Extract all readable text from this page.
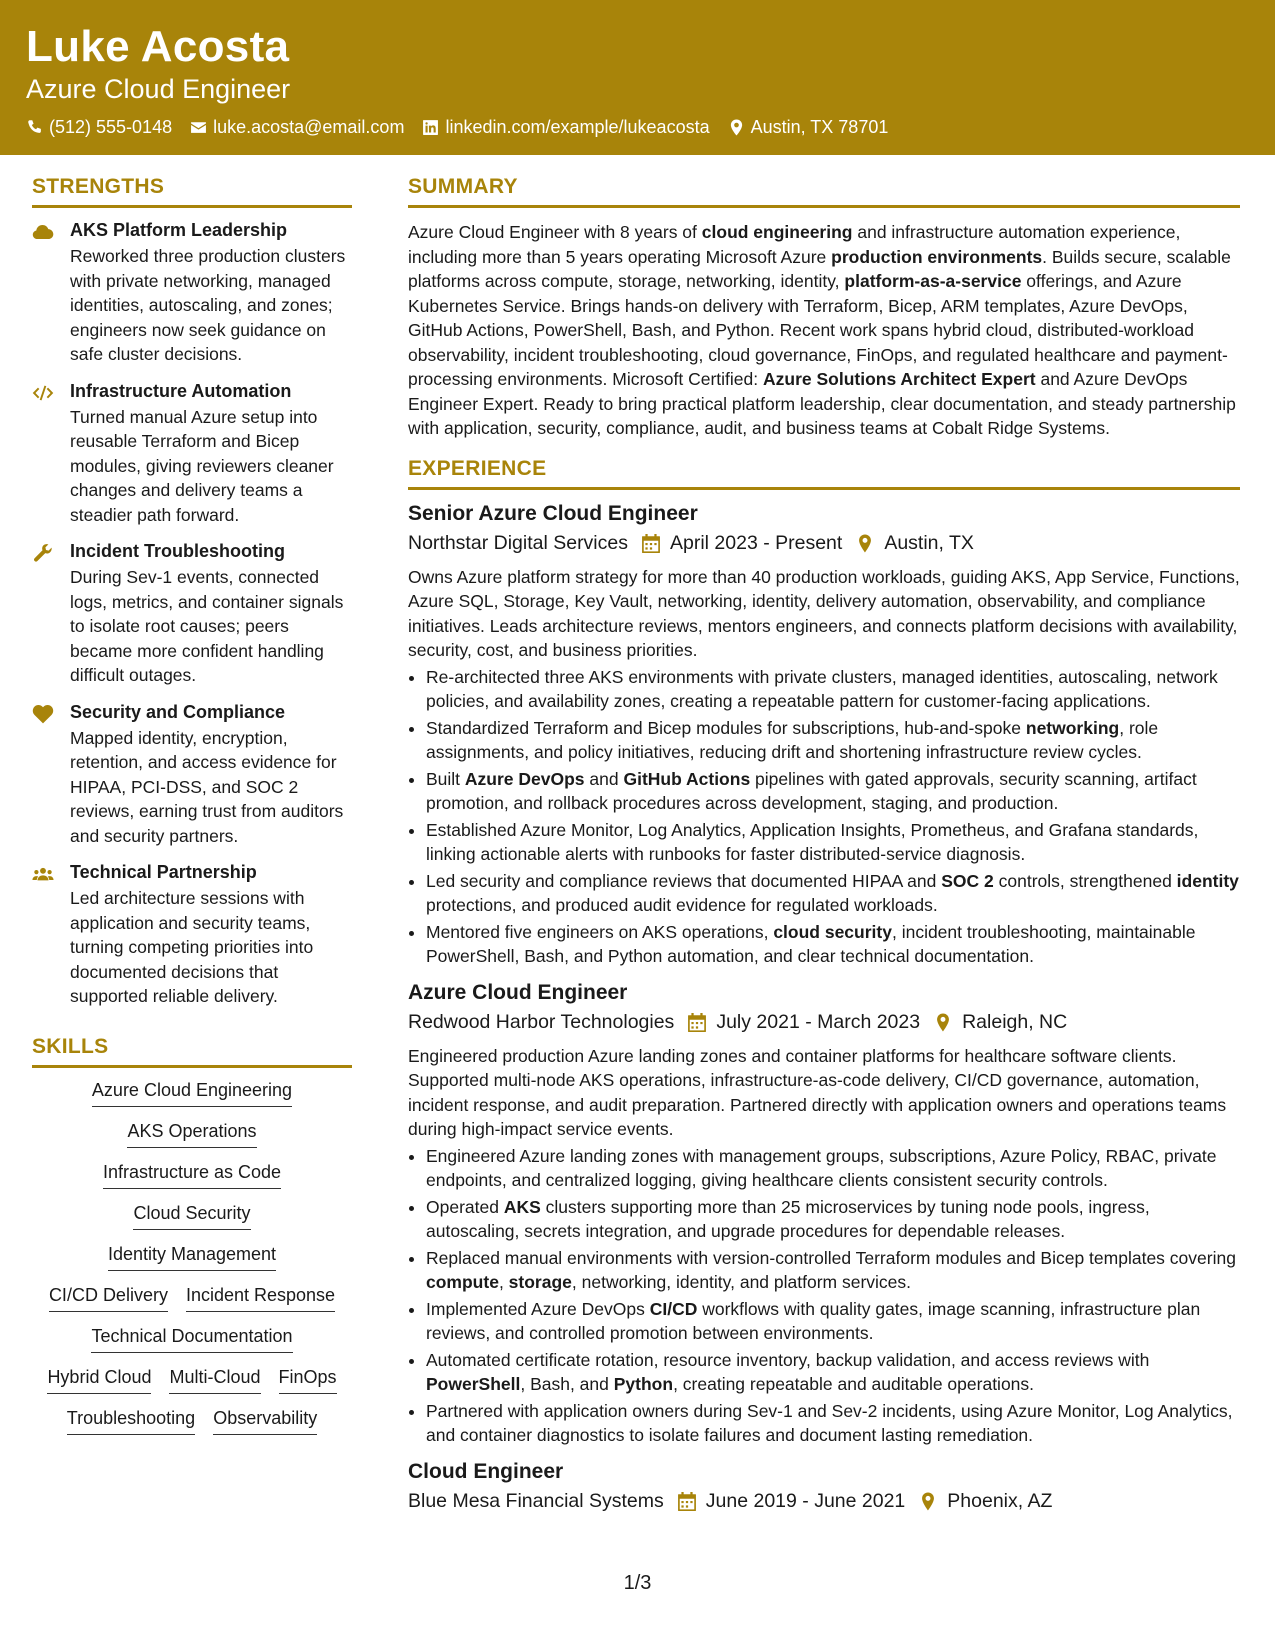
Luke Acosta
Azure Cloud Engineer
(512) 555-0148 luke.acosta@email.com linkedin.com/example/lukeacosta Austin, TX 78701
STRENGTHS
AKS Platform Leadership
Reworked three production clusters with private networking, managed identities, autoscaling, and zones; engineers now seek guidance on safe cluster decisions.
Infrastructure Automation
Turned manual Azure setup into reusable Terraform and Bicep modules, giving reviewers cleaner changes and delivery teams a steadier path forward.
Incident Troubleshooting
During Sev-1 events, connected logs, metrics, and container signals to isolate root causes; peers became more confident handling difficult outages.
Security and Compliance
Mapped identity, encryption, retention, and access evidence for HIPAA, PCI-DSS, and SOC 2 reviews, earning trust from auditors and security partners.
Technical Partnership
Led architecture sessions with application and security teams, turning competing priorities into documented decisions that supported reliable delivery.
SKILLS
Azure Cloud Engineering
AKS Operations
Infrastructure as Code
Cloud Security
Identity Management
CI/CD Delivery Incident Response
Technical Documentation
Hybrid Cloud Multi-Cloud FinOps
Troubleshooting Observability
SUMMARY
Azure Cloud Engineer with 8 years of cloud engineering and infrastructure automation experience, including more than 5 years operating Microsoft Azure production environments. Builds secure, scalable platforms across compute, storage, networking, identity, platform-as-a-service offerings, and Azure Kubernetes Service. Brings hands-on delivery with Terraform, Bicep, ARM templates, Azure DevOps, GitHub Actions, PowerShell, Bash, and Python. Recent work spans hybrid cloud, distributed-workload observability, incident troubleshooting, cloud governance, FinOps, and regulated healthcare and payment-processing environments. Microsoft Certified: Azure Solutions Architect Expert and Azure DevOps Engineer Expert. Ready to bring practical platform leadership, clear documentation, and steady partnership with application, security, compliance, audit, and business teams at Cobalt Ridge Systems.
EXPERIENCE
Senior Azure Cloud Engineer
Northstar Digital Services April 2023 - Present Austin, TX
Owns Azure platform strategy for more than 40 production workloads, guiding AKS, App Service, Functions, Azure SQL, Storage, Key Vault, networking, identity, delivery automation, observability, and compliance initiatives. Leads architecture reviews, mentors engineers, and connects platform decisions with availability, security, cost, and business priorities.
• Re-architected three AKS environments with private clusters, managed identities, autoscaling, network policies, and availability zones, creating a repeatable pattern for customer-facing applications.
• Standardized Terraform and Bicep modules for subscriptions, hub-and-spoke networking, role assignments, and policy initiatives, reducing drift and shortening infrastructure review cycles.
• Built Azure DevOps and GitHub Actions pipelines with gated approvals, security scanning, artifact promotion, and rollback procedures across development, staging, and production.
• Established Azure Monitor, Log Analytics, Application Insights, Prometheus, and Grafana standards, linking actionable alerts with runbooks for faster distributed-service diagnosis.
• Led security and compliance reviews that documented HIPAA and SOC 2 controls, strengthened identity protections, and produced audit evidence for regulated workloads.
• Mentored five engineers on AKS operations, cloud security, incident troubleshooting, maintainable PowerShell, Bash, and Python automation, and clear technical documentation.
Azure Cloud Engineer
Redwood Harbor Technologies July 2021 - March 2023 Raleigh, NC
Engineered production Azure landing zones and container platforms for healthcare software clients. Supported multi-node AKS operations, infrastructure-as-code delivery, CI/CD governance, automation, incident response, and audit preparation. Partnered directly with application owners and operations teams during high-impact service events.
• Engineered Azure landing zones with management groups, subscriptions, Azure Policy, RBAC, private endpoints, and centralized logging, giving healthcare clients consistent security controls.
• Operated AKS clusters supporting more than 25 microservices by tuning node pools, ingress, autoscaling, secrets integration, and upgrade procedures for dependable releases.
• Replaced manual environments with version-controlled Terraform modules and Bicep templates covering compute, storage, networking, identity, and platform services.
• Implemented Azure DevOps CI/CD workflows with quality gates, image scanning, infrastructure plan reviews, and controlled promotion between environments.
• Automated certificate rotation, resource inventory, backup validation, and access reviews with PowerShell, Bash, and Python, creating repeatable and auditable operations.
• Partnered with application owners during Sev-1 and Sev-2 incidents, using Azure Monitor, Log Analytics, and container diagnostics to isolate failures and document lasting remediation.
Cloud Engineer
Blue Mesa Financial Systems June 2019 - June 2021 Phoenix, AZ
1/3
